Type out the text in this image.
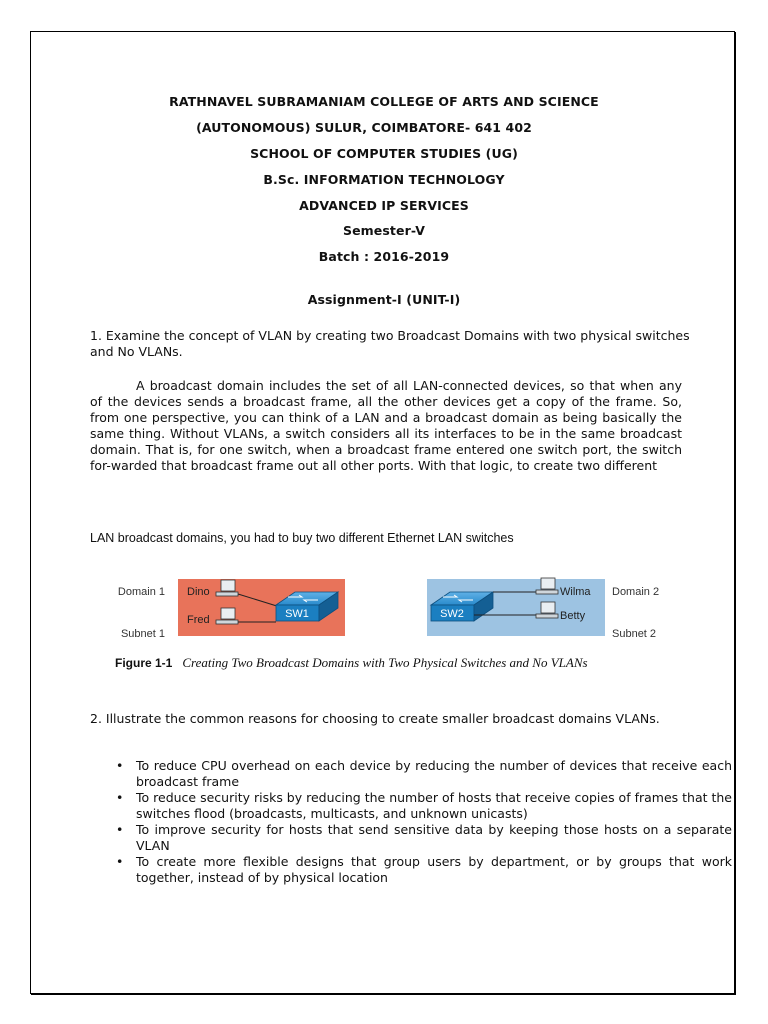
RATHNAVEL SUBRAMANIAM COLLEGE OF ARTS AND SCIENCE
(AUTONOMOUS) SULUR, COIMBATORE- 641 402
SCHOOL OF COMPUTER STUDIES (UG)
B.Sc. INFORMATION TECHNOLOGY
ADVANCED IP SERVICES
Semester-V
Batch : 2016-2019
Assignment-I (UNIT-I)
1. Examine the concept of VLAN by creating two Broadcast Domains with two physical switches and No VLANs.
A broadcast domain includes the set of all LAN-connected devices, so that when any of the devices sends a broadcast frame, all the other devices get a copy of the frame. So, from one perspective, you can think of a LAN and a broadcast domain as being basically the same thing. Without VLANs, a switch considers all its interfaces to be in the same broadcast domain. That is, for one switch, when a broadcast frame entered one switch port, the switch for-warded that broadcast frame out all other ports. With that logic, to create two different
LAN broadcast domains, you had to buy two different Ethernet LAN switches
Domain 1
Subnet 1
Dino
Fred	SW1	SW2
Wilma
Betty
Domain 2
Subnet 2
Figure 1-1 Creating Two Broadcast Domains with Two Physical Switches and No VLANs
2. Illustrate the common reasons for choosing to create smaller broadcast domains VLANs.
• To reduce CPU overhead on each device by reducing the number of devices that receive each broadcast frame
• To reduce security risks by reducing the number of hosts that receive copies of frames that the switches flood (broadcasts, multicasts, and unknown unicasts)
• To improve security for hosts that send sensitive data by keeping those hosts on a separate VLAN
• To create more flexible designs that group users by department, or by groups that work together, instead of by physical location
